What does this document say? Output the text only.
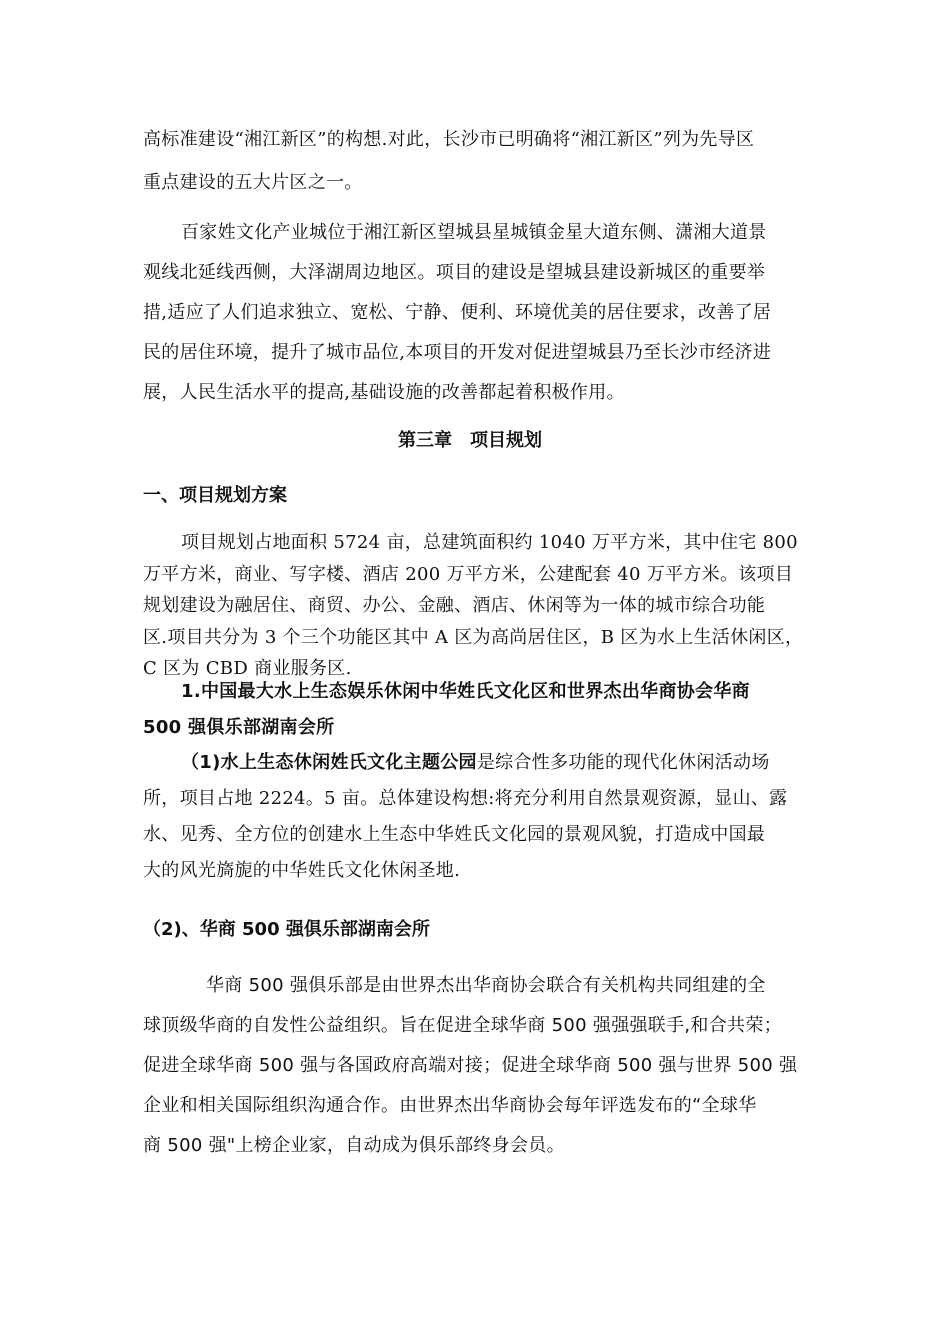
高标准建设“湘江新区”的构想.对此，长沙市已明确将“湘江新区”列为先导区
重点建设的五大片区之一。
百家姓文化产业城位于湘江新区望城县星城镇金星大道东侧、潇湘大道景
观线北延线西侧，大泽湖周边地区。项目的建设是望城县建设新城区的重要举
措,适应了人们追求独立、宽松、宁静、便利、环境优美的居住要求，改善了居
民的居住环境，提升了城市品位,本项目的开发对促进望城县乃至长沙市经济进
展，人民生活水平的提高,基础设施的改善都起着积极作用。
第三章　项目规划
一、项目规划方案
项目规划占地面积 5724 亩，总建筑面积约 1040 万平方米，其中住宅 800
万平方米，商业、写字楼、酒店 200 万平方米，公建配套 40 万平方米。该项目
规划建设为融居住、商贸、办公、金融、酒店、休闲等为一体的城市综合功能
区.项目共分为 3 个三个功能区其中 A 区为高尚居住区，B 区为水上生活休闲区，
C 区为 CBD 商业服务区.
1.中国最大水上生态娱乐休闲中华姓氏文化区和世界杰出华商协会华商
500 强俱乐部湖南会所
（1)水上生态休闲姓氏文化主题公园是综合性多功能的现代化休闲活动场
所，项目占地 2224。5 亩。总体建设构想:将充分利用自然景观资源，显山、露
水、见秀、全方位的创建水上生态中华姓氏文化园的景观风貌，打造成中国最
大的风光旖旎的中华姓氏文化休闲圣地.
（2)、华商 500 强俱乐部湖南会所
华商 500 强俱乐部是由世界杰出华商协会联合有关机构共同组建的全
球顶级华商的自发性公益组织。旨在促进全球华商 500 强强强联手,和合共荣；
促进全球华商 500 强与各国政府高端对接；促进全球华商 500 强与世界 500 强
企业和相关国际组织沟通合作。由世界杰出华商协会每年评选发布的“全球华
商 500 强"上榜企业家，自动成为俱乐部终身会员。
